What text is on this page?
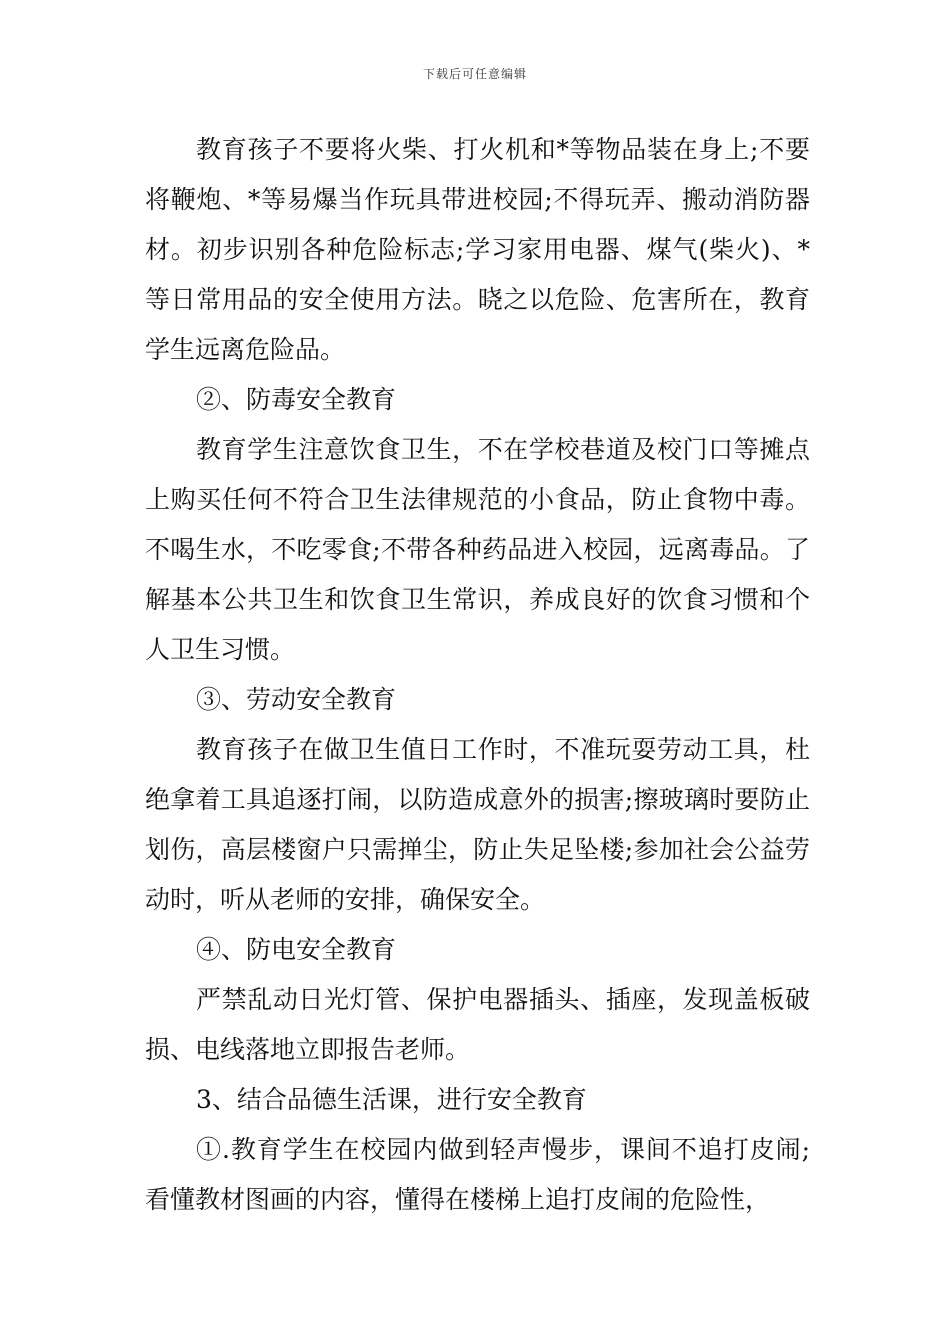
下载后可任意编辑

教育孩子不要将火柴、打火机和*等物品装在身上;不要将鞭炮、*等易爆当作玩具带进校园;不得玩弄、搬动消防器材。初步识别各种危险标志;学习家用电器、煤气(柴火)、*等日常用品的安全使用方法。晓之以危险、危害所在，教育学生远离危险品。

②、防毒安全教育

教育学生注意饮食卫生，不在学校巷道及校门口等摊点上购买任何不符合卫生法律规范的小食品，防止食物中毒。不喝生水，不吃零食;不带各种药品进入校园，远离毒品。了解基本公共卫生和饮食卫生常识，养成良好的饮食习惯和个人卫生习惯。

③、劳动安全教育

教育孩子在做卫生值日工作时，不准玩耍劳动工具，杜绝拿着工具追逐打闹，以防造成意外的损害;擦玻璃时要防止划伤，高层楼窗户只需掸尘，防止失足坠楼;参加社会公益劳动时，听从老师的安排，确保安全。

④、防电安全教育

严禁乱动日光灯管、保护电器插头、插座，发现盖板破损、电线落地立即报告老师。

3、结合品德生活课，进行安全教育

①.教育学生在校园内做到轻声慢步，课间不追打皮闹;看懂教材图画的内容，懂得在楼梯上追打皮闹的危险性，
